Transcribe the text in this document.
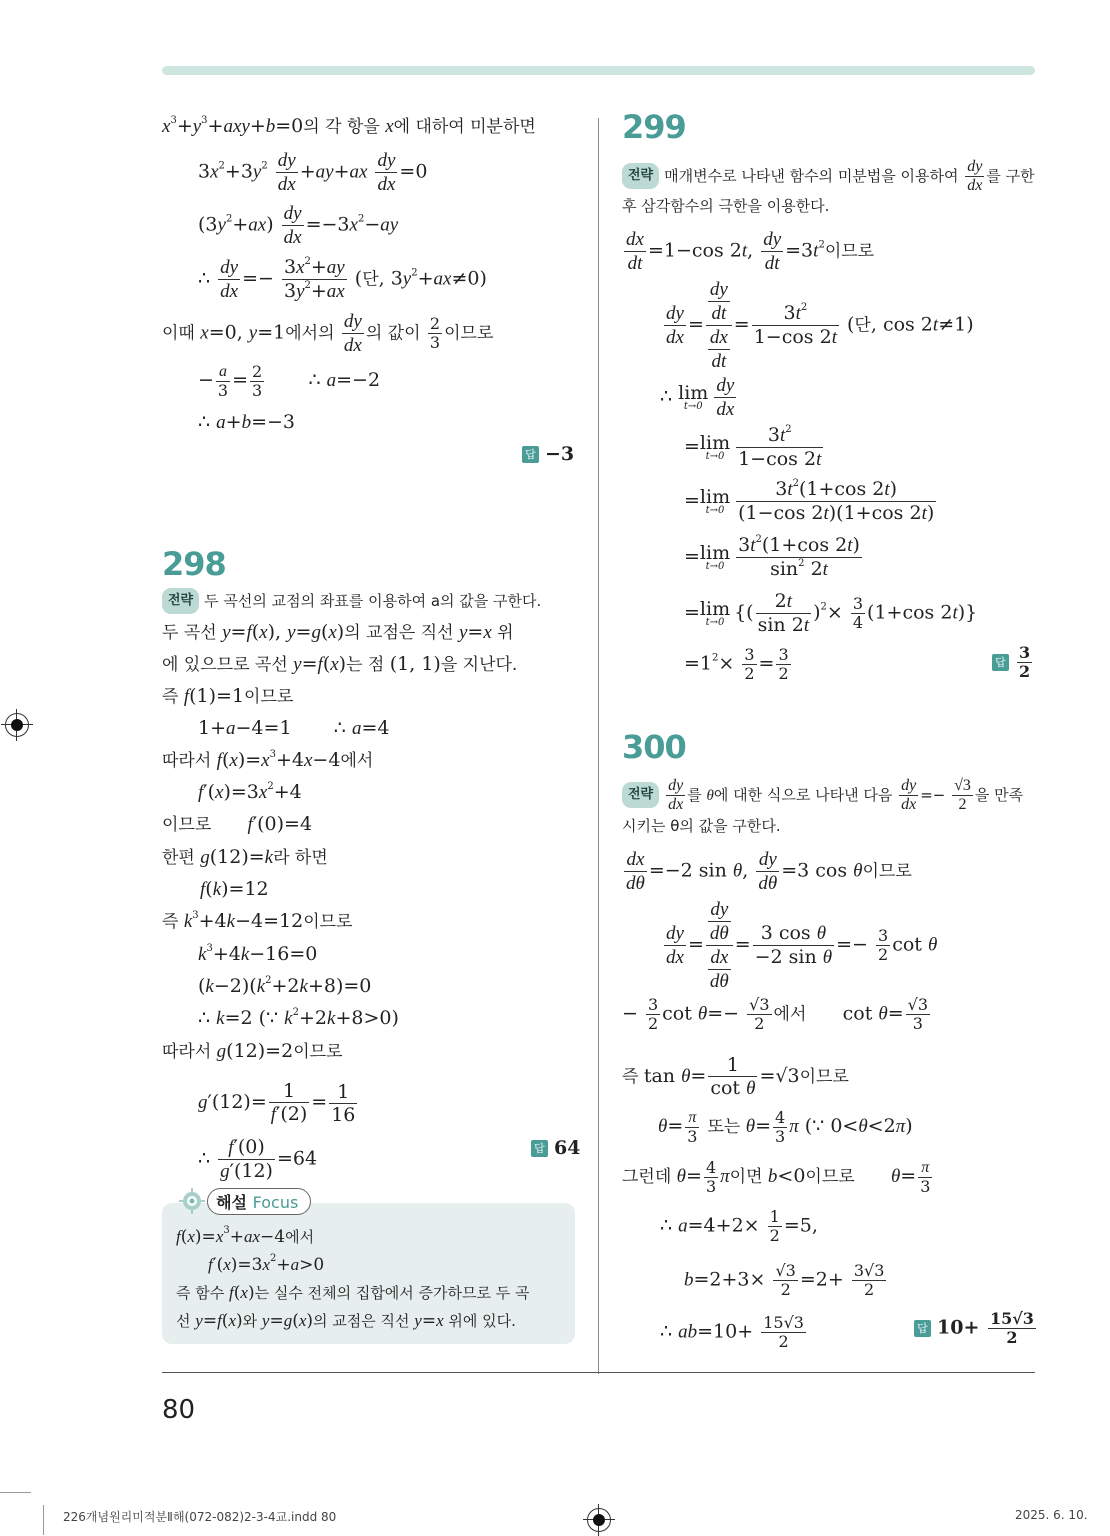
$x^3+y^3+axy+b=0$의 각 항을 x에 대하여 미분하면
$3x^2+3y^2 \frac{dy}{dx} +ay+ax \frac{dy}{dx} =0$
$(3y^2+ax) \frac{dy}{dx} =-3x^2-ay$
∴ $\frac{dy}{dx} =- \frac{3x^2+ay}{3y^2+ax}$ (단, $3y^2+ax\ne 0$)
이때 x=0, y=1에서의 $\frac{dy}{dx}$ 의 값이 $\frac{2}{3}$ 이므로
− $\frac{a}{3} = \frac{2}{3}$ ∴ a=−2
∴ a+b=−3
답 −3
298
전략 두 곡선의 교점의 좌표를 이용하여 a의 값을 구한다.
두 곡선 y=f(x), y=g(x)의 교점은 직선 y=x 위
에 있으므로 곡선 y=f(x)는 점 (1, 1)을 지난다.
즉 f(1)=1이므로
1+a−4=1       ∴ a=4
따라서 $f(x)=x^3+4x-4$에서
$f'(x)=3x^2+4$
이므로 f′(0)=4
한편 g(12)=k라 하면
f(k)=12
즉 $k^3+4k-4=12$이므로
$k^3+4k-16=0$
$(k-2)(k^2+2k+8)=0$
∴ k=2 (∵ $k^2+2k+8>0$)
따라서 g(12)=2이므로
$g'(12)= \frac{1}{f'(2)} = \frac{1}{16}$
∴ $\frac{f'(0)}{g'(12)} =64$	답 64
$f(x)=x^3+ax-4$에서
$f'(x)=3x^2+a>0$
즉 함수 f(x)는 실수 전체의 집합에서 증가하므로 두 곡
선 y=f(x)와 y=g(x)의 교점은 직선 y=x 위에 있다.
해설 Focus
299
전략 매개변수로 나타낸 함수의 미분법을 이용하여 $\frac{dy}{dx}$ 를 구한
후 삼각함수의 극한을 이용한다.
$\frac{dx}{dt} =1-\cos$ 2t, $\frac{dy}{dt} =3t^2$이므로
$\frac{dy}{dx} = \frac{\frac{dy}{dt}}{\frac{dx}{dt}} = \frac{3t^2}{1-\cos 2t}$ (단, cos 2t≠1)
∴ lim
$t\to 0 \frac{dy}{dx}$
=lim
$t\to 0 \frac{3t^2}{1-\cos 2t}$
=lim
$t\to 0 \frac{3t^2(1+\cos 2t)}{(1-\cos 2t)(1+\cos 2t)}$
=lim
$t\to 0 \frac{3t^2(1+\cos 2t)}{\sin^2 2t}$
=lim
t→0 {( $\frac{2t}{\sin 2t} )^2\times \frac{3}{4} (1+\cos$ 2t)}
$=1^2\times \frac{3}{2} = \frac{3}{2}$	답 $\frac{3}{2}$
300
전략 $\frac{dy}{dx}$ 를 θ에 대한 식으로 나타낸 다음 $\frac{dy}{dx} =- \frac{√3}{2}$ 을 만족
시키는 θ의 값을 구한다.
$\frac{dx}{d\theta} =-2$ sin θ, $\frac{dy}{d\theta} =3$ cos θ이므로
$\frac{dy}{dx} = \frac{\frac{dy}{d\theta}}{\frac{dx}{d\theta}} = \frac{\text{3 cos θ}}{\text{−2 sin θ}} =- \frac{3}{2}$ cot θ
− $\frac{3}{2}$ $\cot \theta=- \frac{√3}{2}$ 에서      $\cot \theta= \frac{√3}{3}$
즉 $\tan \theta= \frac{1}{\text{cot θ}} =√3$이므로
$\theta= \frac{\pi}{3}$ 또는 $\theta= \frac{4}{3}$ π (∵ 0<θ<2π)
그런데 $\theta= \frac{4}{3}$ π이면 b<0이므로 $\theta= \frac{\pi}{3}$
∴ $a=4+2\times \frac{1}{2} =5$,
$b=2+3\times \frac{√3}{2} =2+ \frac{3√3}{2}$
∴ $ab=10+ \frac{15√3}{2}$	답 $10+ \frac{15√3}{2}$
80
226개념원리미적분Ⅱ해(072-082)2-3-4교.indd 80	2025. 6. 10.
